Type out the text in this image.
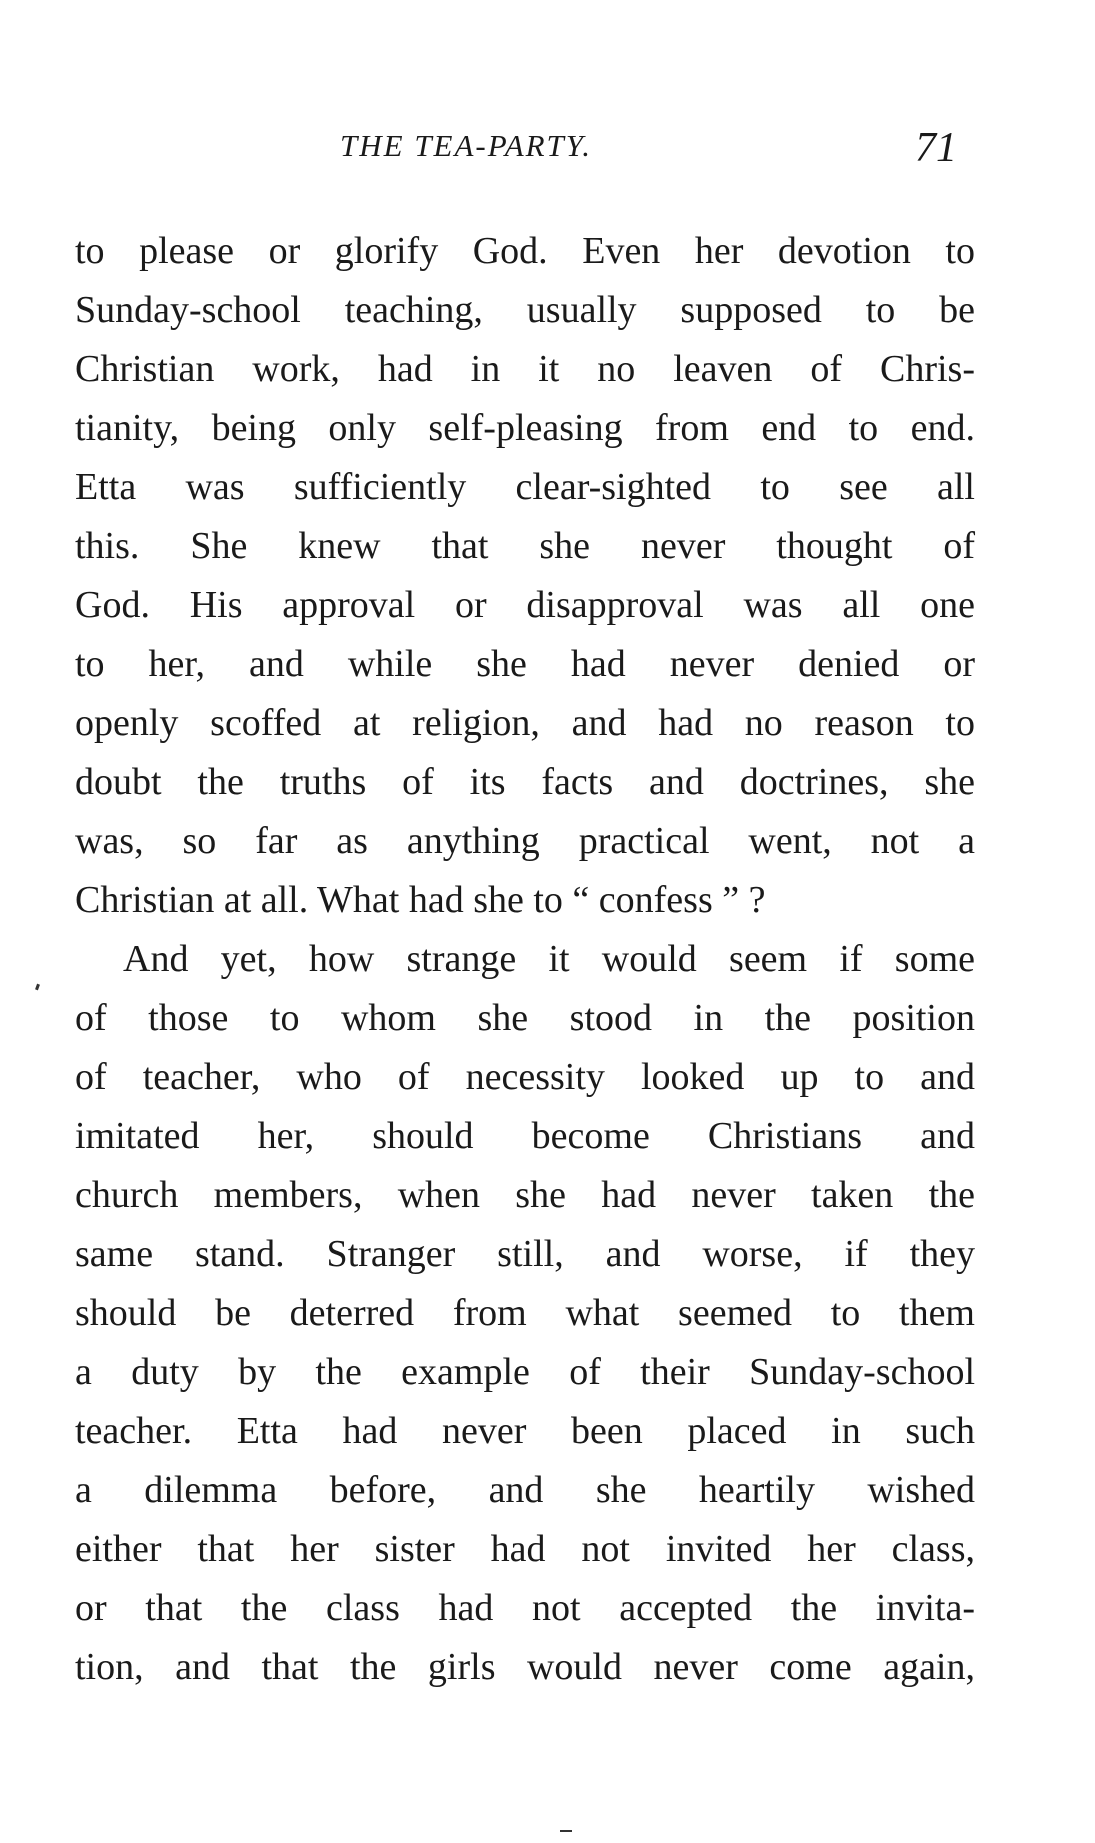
THE TEA-PARTY.	71
to please or glorify God. Even her devotion to
Sunday-school teaching, usually supposed to be
Christian work, had in it no leaven of Chris-
tianity, being only self-pleasing from end to end.
Etta was sufficiently clear-sighted to see all
this. She knew that she never thought of
God. His approval or disapproval was all one
to her, and while she had never denied or
openly scoffed at religion, and had no reason to
doubt the truths of its facts and doctrines, she
was, so far as anything practical went, not a
Christian at all. What had she to “ confess ” ?
And yet, how strange it would seem if some
of those to whom she stood in the position
of teacher, who of necessity looked up to and
imitated her, should become Christians and
church members, when she had never taken the
same stand. Stranger still, and worse, if they
should be deterred from what seemed to them
a duty by the example of their Sunday-school
teacher. Etta had never been placed in such
a dilemma before, and she heartily wished
either that her sister had not invited her class,
or that the class had not accepted the invita-
tion, and that the girls would never come again,
